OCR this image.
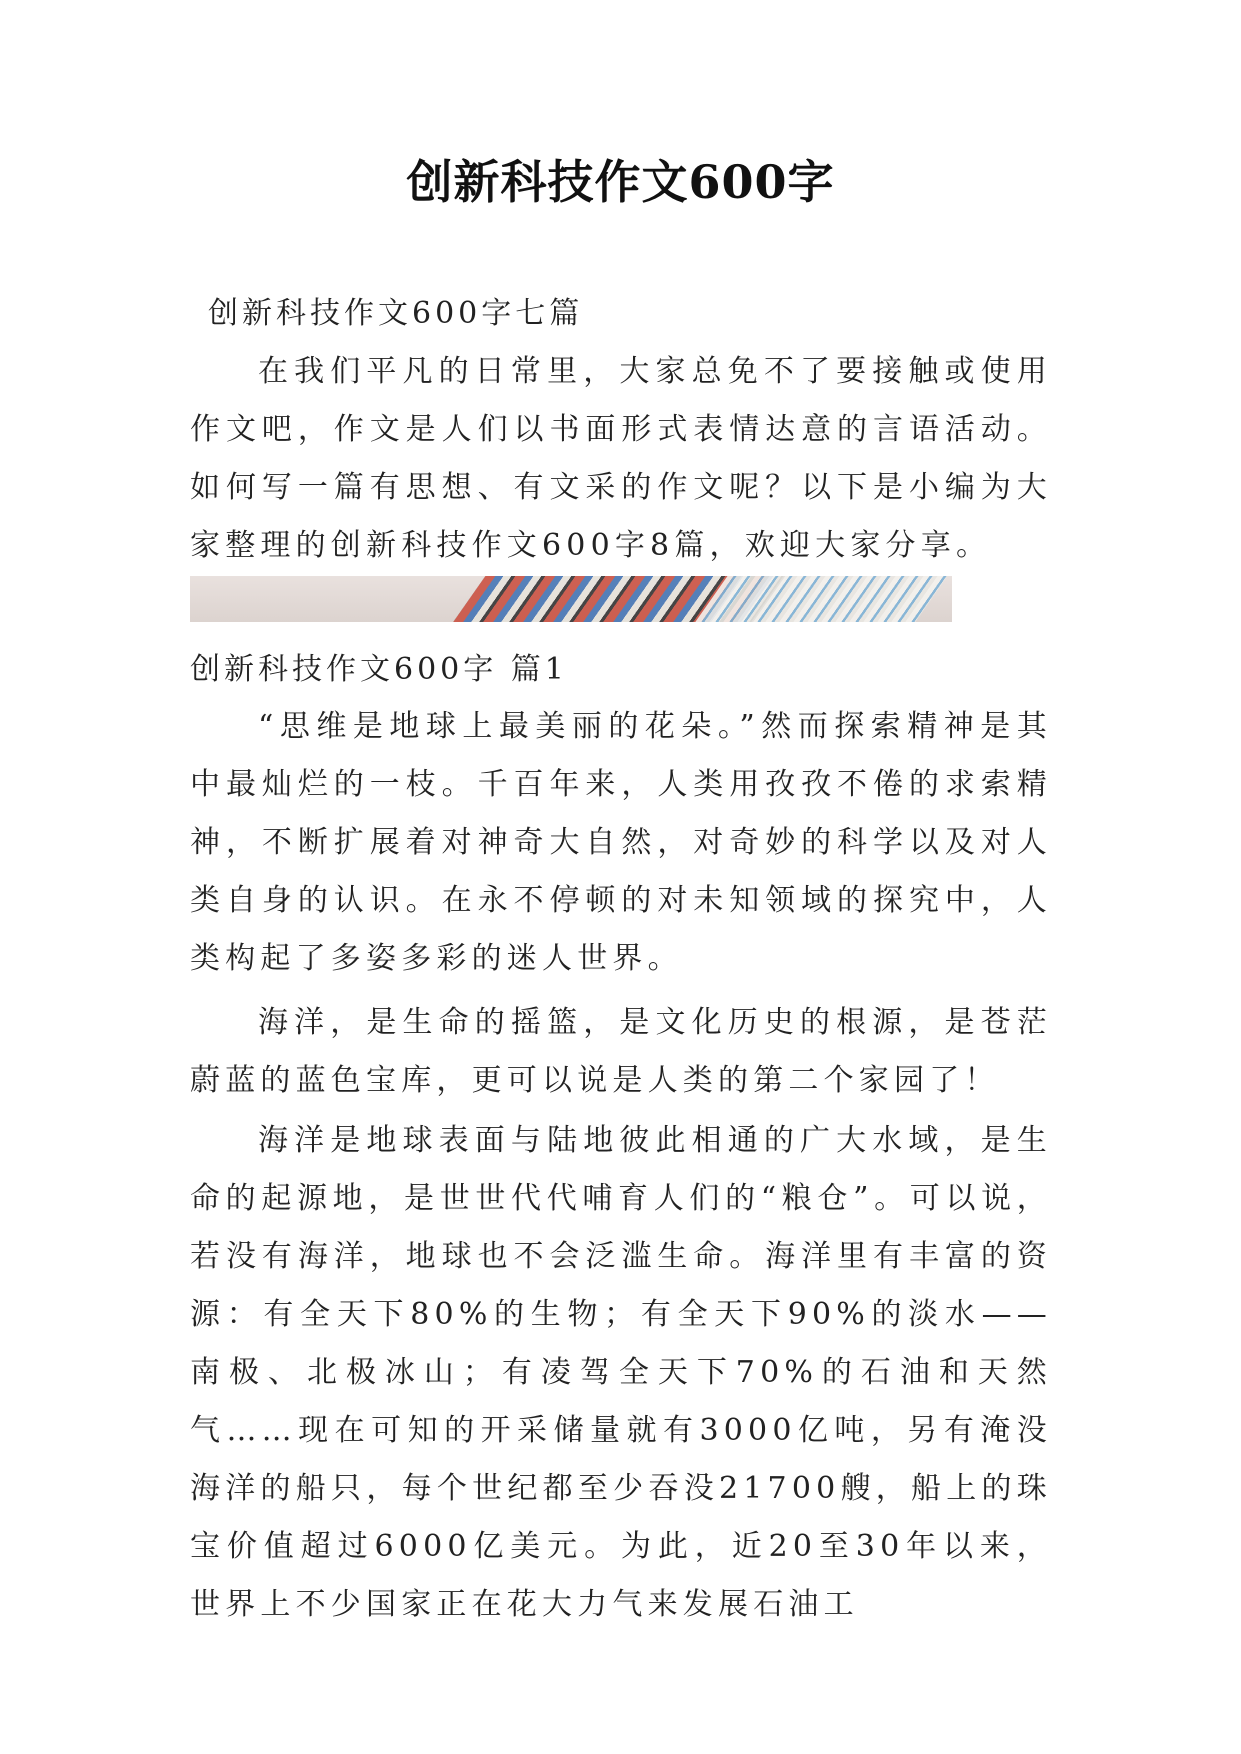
创新科技作文600字
创新科技作文600字七篇

在我们平凡的日常里，大家总免不了要接触或使用作文吧，作文是人们以书面形式表情达意的言语活动。如何写一篇有思想、有文采的作文呢？以下是小编为大家整理的创新科技作文600字8篇，欢迎大家分享。

创新科技作文600字 篇1

“思维是地球上最美丽的花朵。”然而探索精神是其中最灿烂的一枝。千百年来，人类用孜孜不倦的求索精神，不断扩展着对神奇大自然，对奇妙的科学以及对人类自身的认识。在永不停顿的对未知领域的探究中，人类构起了多姿多彩的迷人世界。

海洋，是生命的摇篮，是文化历史的根源，是苍茫蔚蓝的蓝色宝库，更可以说是人类的第二个家园了！

海洋是地球表面与陆地彼此相通的广大水域，是生命的起源地，是世世代代哺育人们的“粮仓”。可以说，若没有海洋，地球也不会泛滥生命。海洋里有丰富的资源：有全天下80%的生物；有全天下90%的淡水——南极、北极冰山；有凌驾全天下70%的石油和天然气……现在可知的开采储量就有3000亿吨，另有淹没海洋的船只，每个世纪都至少吞没21700艘，船上的珠宝价值超过6000亿美元。为此，近20至30年以来，世界上不少国家正在花大力气来发展石油工
